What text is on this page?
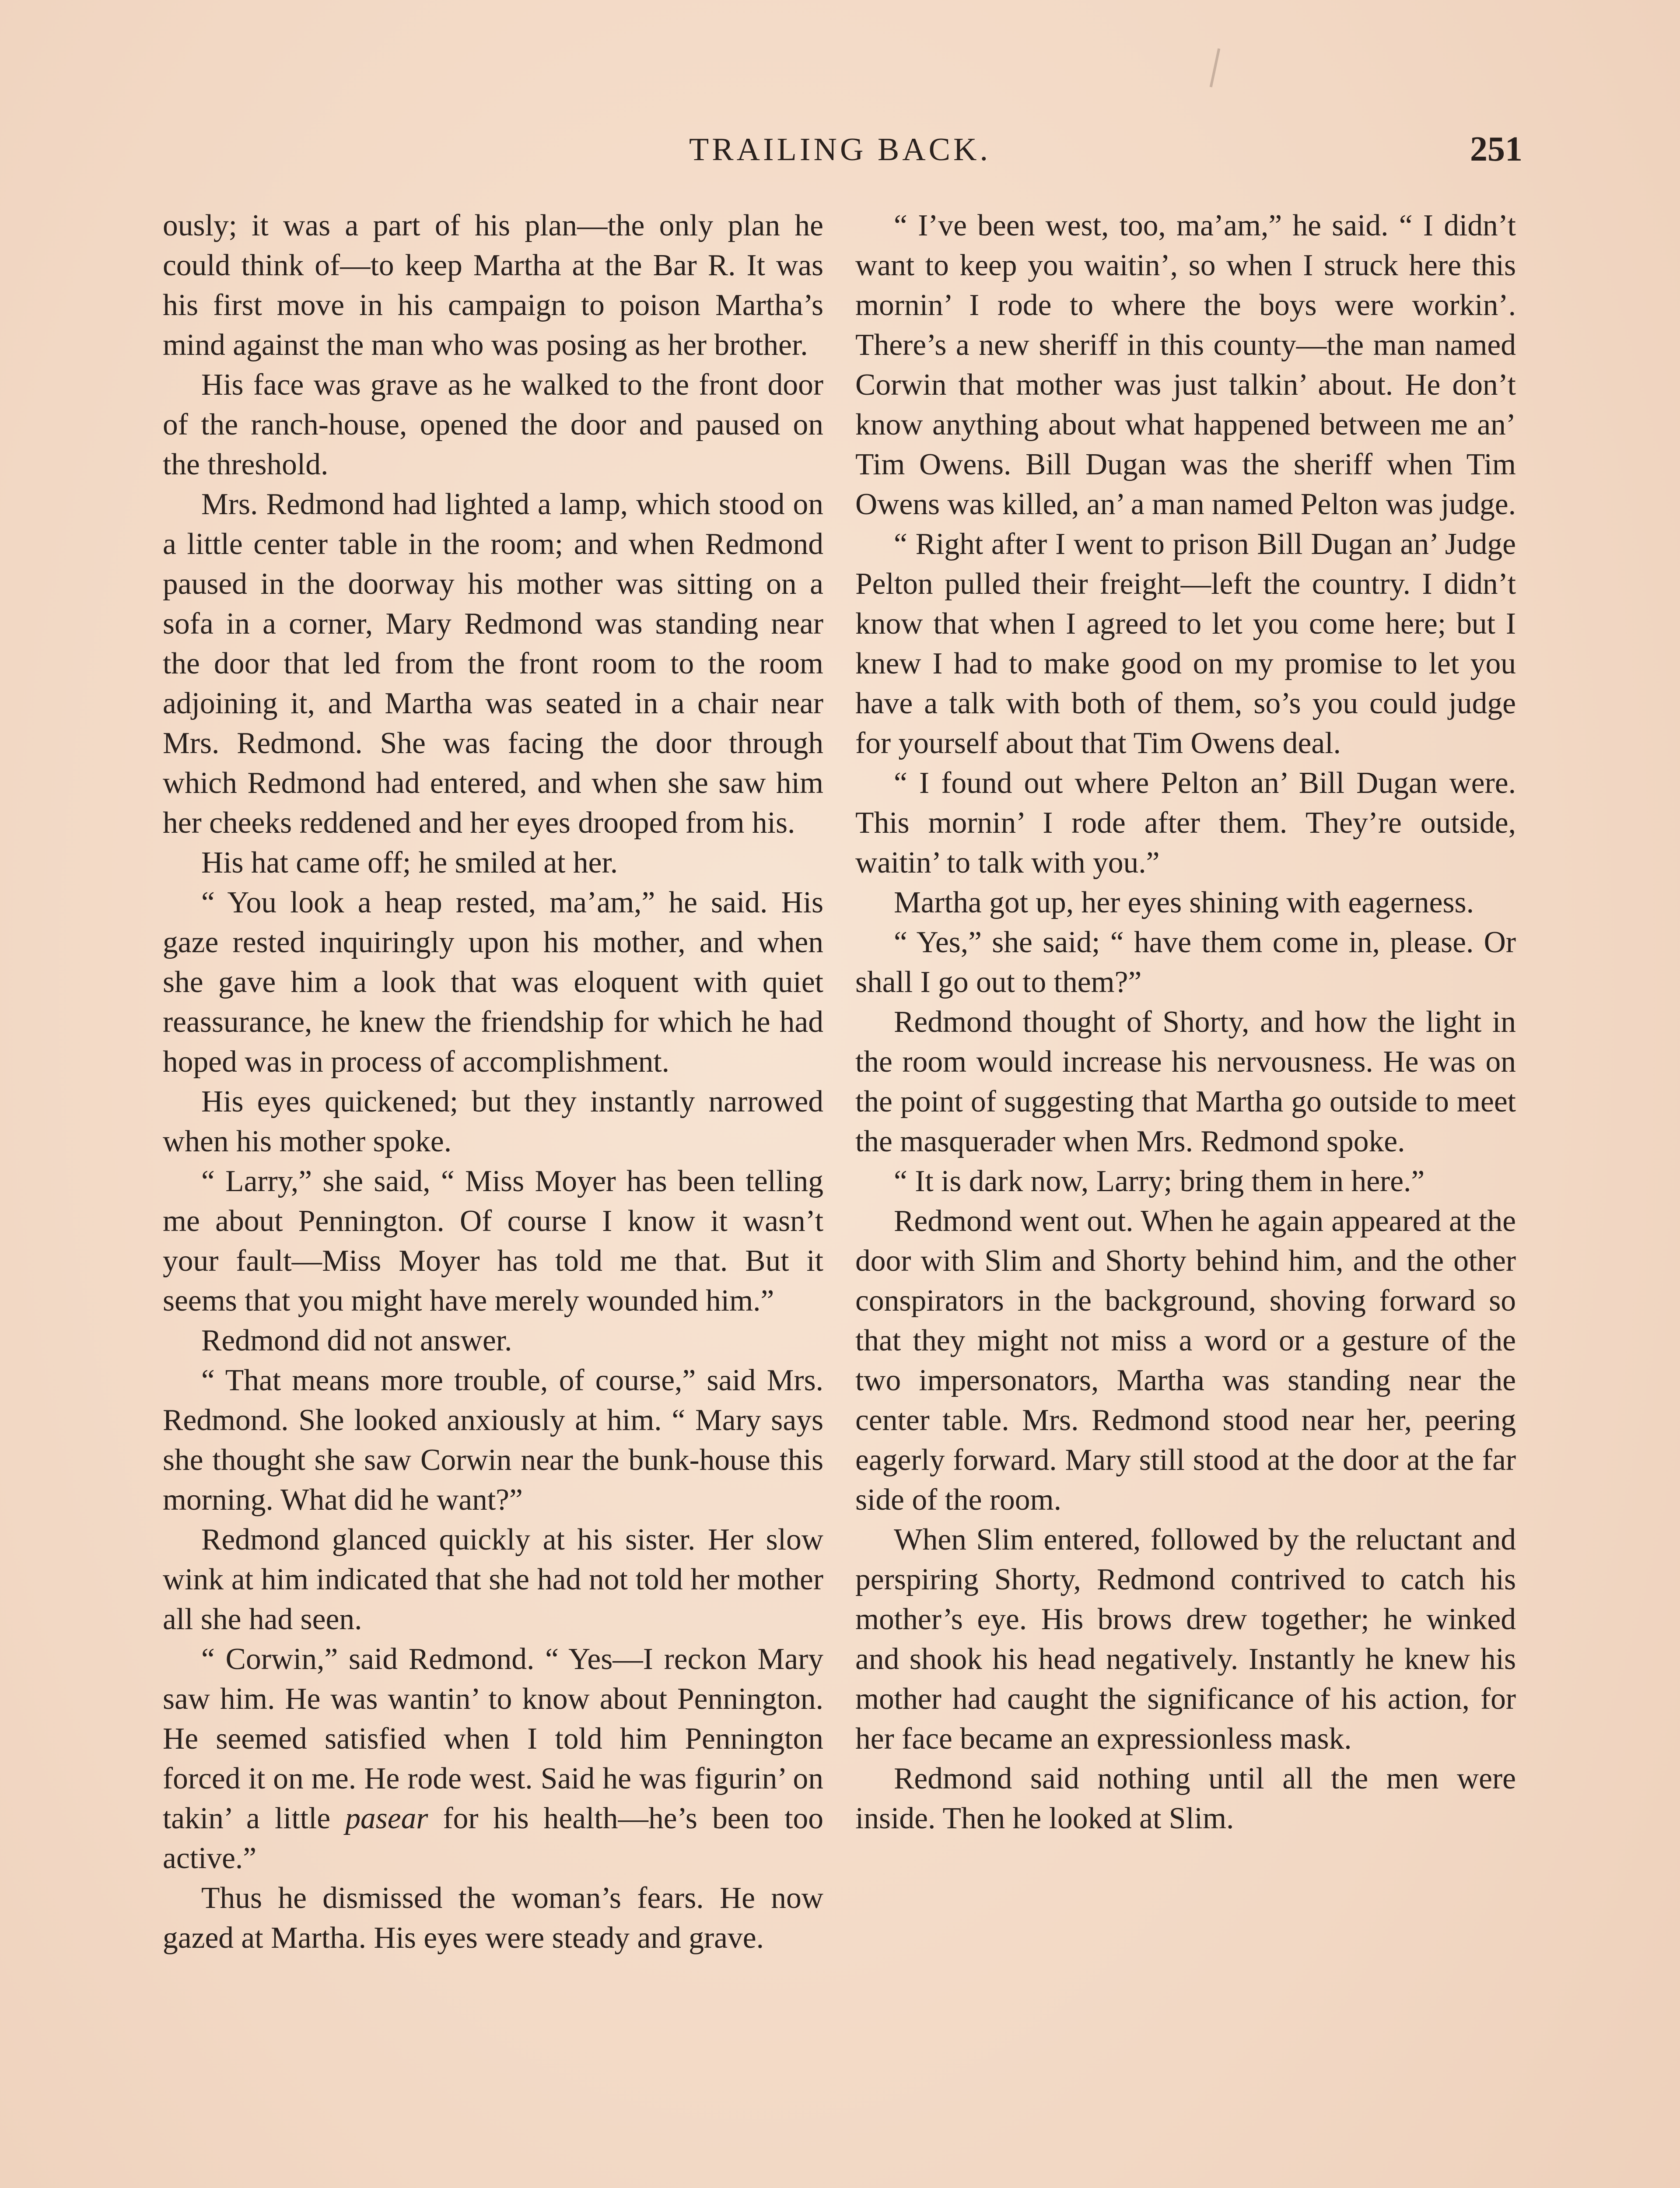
TRAILING BACK.	251

ously; it was a part of his plan—the only plan he could think of—to keep Martha at the Bar R. It was his first move in his campaign to poison Martha’s mind against the man who was posing as her brother.

His face was grave as he walked to the front door of the ranch-house, opened the door and paused on the threshold.

Mrs. Redmond had lighted a lamp, which stood on a little center table in the room; and when Redmond paused in the doorway his mother was sitting on a sofa in a corner, Mary Redmond was standing near the door that led from the front room to the room adjoining it, and Martha was seated in a chair near Mrs. Redmond. She was facing the door through which Redmond had entered, and when she saw him her cheeks reddened and her eyes drooped from his.

His hat came off; he smiled at her.

“ You look a heap rested, ma’am,” he said. His gaze rested inquiringly upon his mother, and when she gave him a look that was eloquent with quiet reassurance, he knew the friendship for which he had hoped was in process of accomplishment.

His eyes quickened; but they instantly narrowed when his mother spoke.

“ Larry,” she said, “ Miss Moyer has been telling me about Pennington. Of course I know it wasn’t your fault—Miss Moyer has told me that. But it seems that you might have merely wounded him.”

Redmond did not answer.

“ That means more trouble, of course,” said Mrs. Redmond. She looked anxiously at him. “ Mary says she thought she saw Corwin near the bunk-house this morning. What did he want?”

Redmond glanced quickly at his sister. Her slow wink at him indicated that she had not told her mother all she had seen.

“ Corwin,” said Redmond. “ Yes—I reckon Mary saw him. He was wantin’ to know about Pennington. He seemed satisfied when I told him Pennington forced it on me. He rode west. Said he was figurin’ on takin’ a little pasear for his health—he’s been too active.”

Thus he dismissed the woman’s fears. He now gazed at Martha. His eyes were steady and grave.

“ I’ve been west, too, ma’am,” he said. “ I didn’t want to keep you waitin’, so when I struck here this mornin’ I rode to where the boys were workin’. There’s a new sheriff in this county—the man named Corwin that mother was just talkin’ about. He don’t know anything about what happened between me an’ Tim Owens. Bill Dugan was the sheriff when Tim Owens was killed, an’ a man named Pelton was judge.

“ Right after I went to prison Bill Dugan an’ Judge Pelton pulled their freight—left the country. I didn’t know that when I agreed to let you come here; but I knew I had to make good on my promise to let you have a talk with both of them, so’s you could judge for yourself about that Tim Owens deal.

“ I found out where Pelton an’ Bill Dugan were. This mornin’ I rode after them. They’re outside, waitin’ to talk with you.”

Martha got up, her eyes shining with eagerness.

“ Yes,” she said; “ have them come in, please. Or shall I go out to them?”

Redmond thought of Shorty, and how the light in the room would increase his nervousness. He was on the point of suggesting that Martha go outside to meet the masquerader when Mrs. Redmond spoke.

“ It is dark now, Larry; bring them in here.”

Redmond went out. When he again appeared at the door with Slim and Shorty behind him, and the other conspirators in the background, shoving forward so that they might not miss a word or a gesture of the two impersonators, Martha was standing near the center table. Mrs. Redmond stood near her, peering eagerly forward. Mary still stood at the door at the far side of the room.

When Slim entered, followed by the reluctant and perspiring Shorty, Redmond contrived to catch his mother’s eye. His brows drew together; he winked and shook his head negatively. Instantly he knew his mother had caught the significance of his action, for her face became an expressionless mask.

Redmond said nothing until all the men were inside. Then he looked at Slim.
